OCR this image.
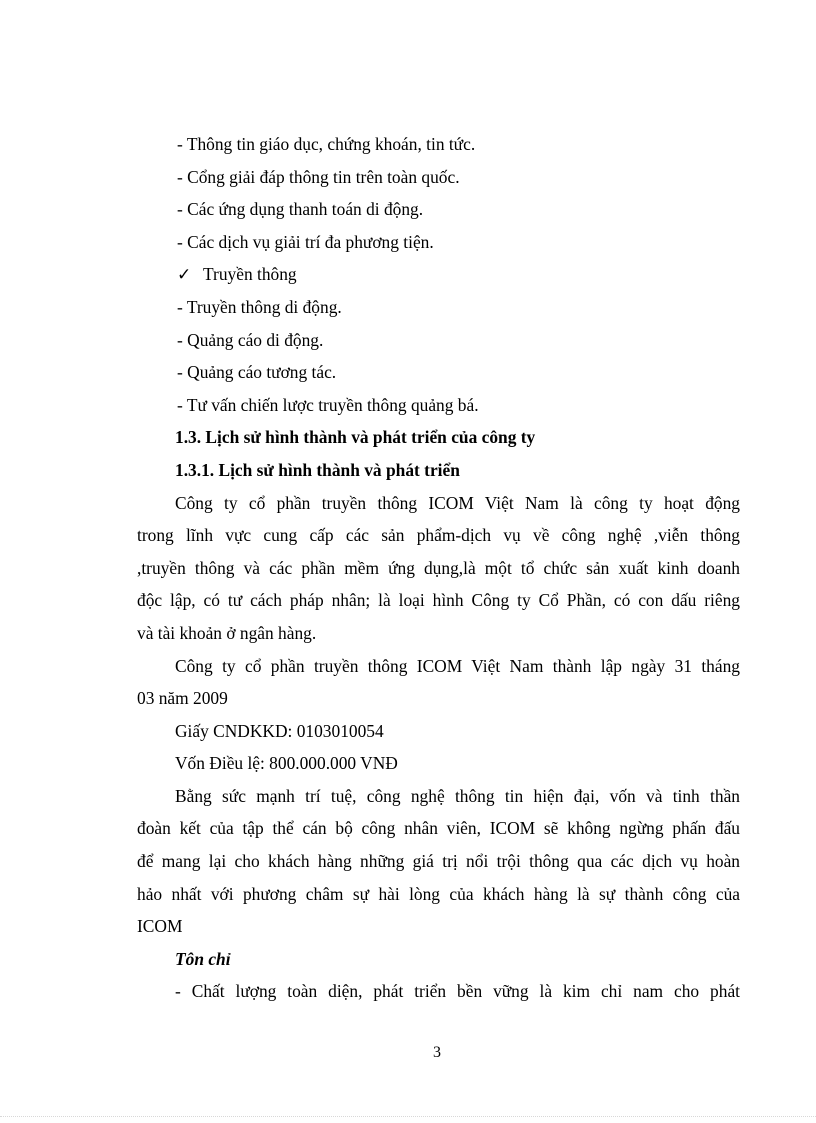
- Thông tin giáo dục, chứng khoán, tin tức.
- Cổng giải đáp thông tin trên toàn quốc.
- Các ứng dụng thanh toán di động.
- Các dịch vụ giải trí đa phương tiện.
✓ Truyền thông
- Truyền thông di động.
- Quảng cáo di động.
- Quảng cáo tương tác.
- Tư vấn chiến lược truyền thông quảng bá.
1.3. Lịch sử hình thành và phát triển của công ty
1.3.1. Lịch sử hình thành và phát triển
Công ty cổ phần truyền thông ICOM Việt Nam là công ty hoạt động
trong lĩnh vực cung cấp các sản phẩm-dịch vụ về công nghệ ,viễn thông
,truyền thông và các phần mềm ứng dụng,là một tổ chức sản xuất kinh doanh
độc lập, có tư cách pháp nhân; là loại hình Công ty Cổ Phần, có con dấu riêng
và tài khoản ở ngân hàng.
Công ty cổ phần truyền thông ICOM Việt Nam thành lập ngày 31 tháng
03 năm 2009
Giấy CNDKKD: 0103010054
Vốn Điều lệ: 800.000.000 VNĐ
Bằng sức mạnh trí tuệ, công nghệ thông tin hiện đại, vốn và tinh thần
đoàn kết của tập thể cán bộ công nhân viên, ICOM sẽ không ngừng phấn đấu
để mang lại cho khách hàng những giá trị nổi trội thông qua các dịch vụ hoàn
hảo nhất với phương châm sự hài lòng của khách hàng là sự thành công của
ICOM
Tôn chỉ
- Chất lượng toàn diện, phát triển bền vững là kim chỉ nam cho phát
3
